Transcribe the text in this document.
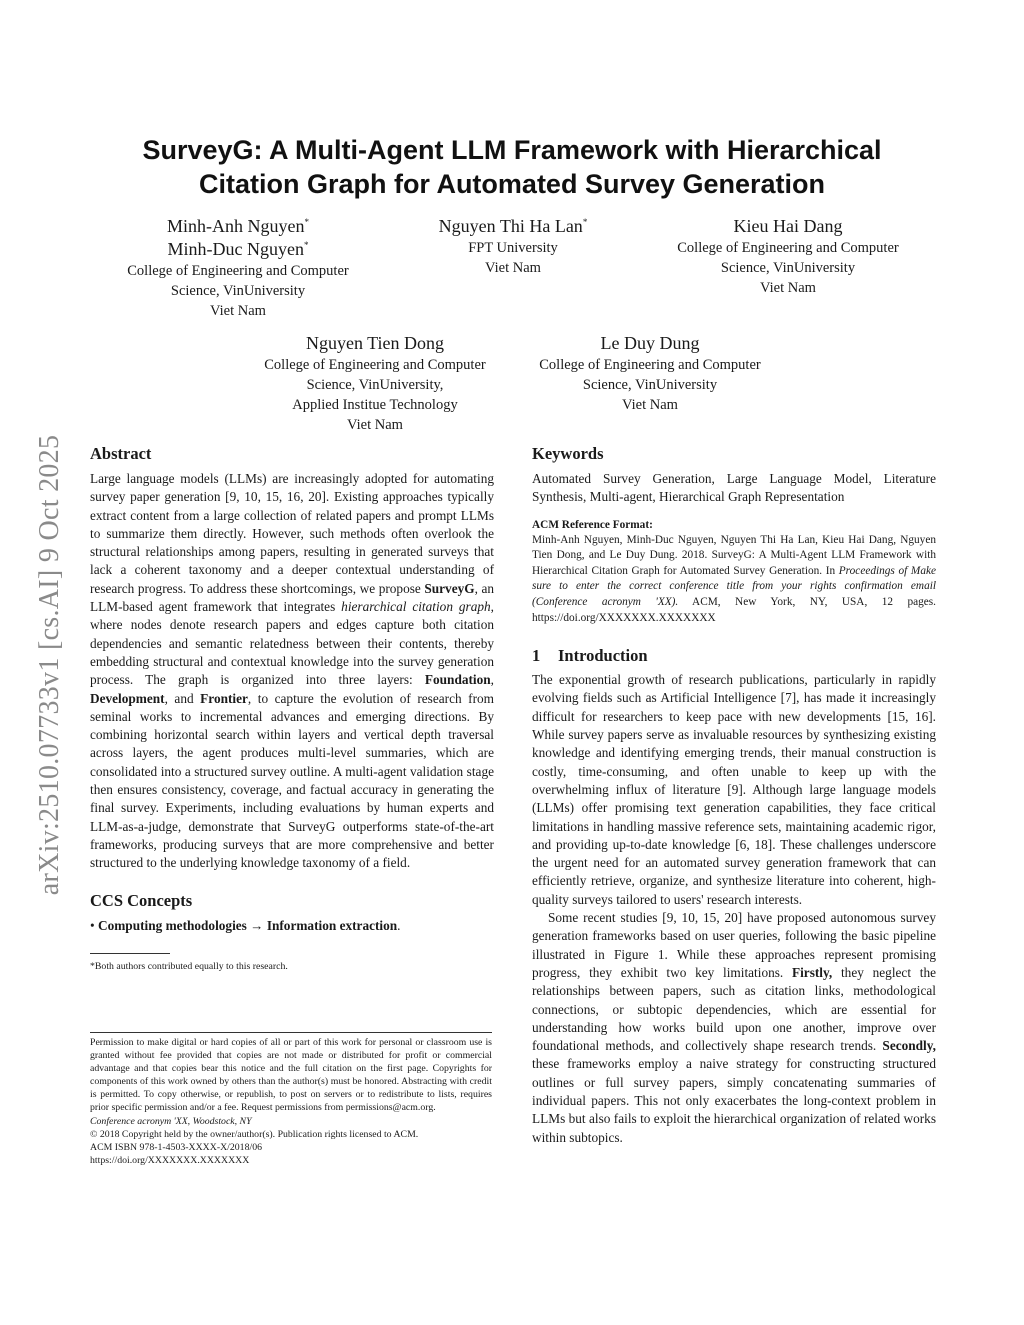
arXiv:2510.07733v1 [cs.AI] 9 Oct 2025
SurveyG: A Multi-Agent LLM Framework with Hierarchical
Citation Graph for Automated Survey Generation
Minh-Anh Nguyen*
Minh-Duc Nguyen*
College of Engineering and Computer
Science, VinUniversity
Viet Nam
Nguyen Thi Ha Lan*
FPT University
Viet Nam
Kieu Hai Dang
College of Engineering and Computer
Science, VinUniversity
Viet Nam
Nguyen Tien Dong
College of Engineering and Computer
Science, VinUniversity,
Applied Institue Technology
Viet Nam
Le Duy Dung
College of Engineering and Computer
Science, VinUniversity
Viet Nam
Abstract

Large language models (LLMs) are increasingly adopted for automating survey paper generation [9, 10, 15, 16, 20]. Existing approaches typically extract content from a large collection of related papers and prompt LLMs to summarize them directly. However, such methods often overlook the structural relationships among papers, resulting in generated surveys that lack a coherent taxonomy and a deeper contextual understanding of research progress. To address these shortcomings, we propose SurveyG, an LLM-based agent framework that integrates hierarchical citation graph, where nodes denote research papers and edges capture both citation dependencies and semantic relatedness between their contents, thereby embedding structural and contextual knowledge into the survey generation process. The graph is organized into three layers: Foundation, Development, and Frontier, to capture the evolution of research from seminal works to incremental advances and emerging directions. By combining horizontal search within layers and vertical depth traversal across layers, the agent produces multi-level summaries, which are consolidated into a structured survey outline. A multi-agent validation stage then ensures consistency, coverage, and factual accuracy in generating the final survey. Experiments, including evaluations by human experts and LLM-as-a-judge, demonstrate that SurveyG outperforms state-of-the-art frameworks, producing surveys that are more comprehensive and better structured to the underlying knowledge taxonomy of a field.

CCS Concepts
• Computing methodologies → Information extraction.
*Both authors contributed equally to this research.
Permission to make digital or hard copies of all or part of this work for personal or classroom use is granted without fee provided that copies are not made or distributed for profit or commercial advantage and that copies bear this notice and the full citation on the first page. Copyrights for components of this work owned by others than the author(s) must be honored. Abstracting with credit is permitted. To copy otherwise, or republish, to post on servers or to redistribute to lists, requires prior specific permission and/or a fee. Request permissions from permissions@acm.org.
Conference acronym 'XX, Woodstock, NY
© 2018 Copyright held by the owner/author(s). Publication rights licensed to ACM.
ACM ISBN 978-1-4503-XXXX-X/2018/06
https://doi.org/XXXXXXX.XXXXXXX
Keywords
Automated Survey Generation, Large Language Model, Literature Synthesis, Multi-agent, Hierarchical Graph Representation
ACM Reference Format:
Minh-Anh Nguyen, Minh-Duc Nguyen, Nguyen Thi Ha Lan, Kieu Hai Dang, Nguyen Tien Dong, and Le Duy Dung. 2018. SurveyG: A Multi-Agent LLM Framework with Hierarchical Citation Graph for Automated Survey Generation. In Proceedings of Make sure to enter the correct conference title from your rights confirmation email (Conference acronym 'XX). ACM, New York, NY, USA, 12 pages. https://doi.org/XXXXXXX.XXXXXXX
1 Introduction

The exponential growth of research publications, particularly in rapidly evolving fields such as Artificial Intelligence [7], has made it increasingly difficult for researchers to keep pace with new developments [15, 16]. While survey papers serve as invaluable resources by synthesizing existing knowledge and identifying emerging trends, their manual construction is costly, time-consuming, and often unable to keep up with the overwhelming influx of literature [9]. Although large language models (LLMs) offer promising text generation capabilities, they face critical limitations in handling massive reference sets, maintaining academic rigor, and providing up-to-date knowledge [6, 18]. These challenges underscore the urgent need for an automated survey generation framework that can efficiently retrieve, organize, and synthesize literature into coherent, high-quality surveys tailored to users' research interests.

Some recent studies [9, 10, 15, 20] have proposed autonomous survey generation frameworks based on user queries, following the basic pipeline illustrated in Figure 1. While these approaches represent promising progress, they exhibit two key limitations. Firstly, they neglect the relationships between papers, such as citation links, methodological connections, or subtopic dependencies, which are essential for understanding how works build upon one another, improve over foundational methods, and collectively shape research trends. Secondly, these frameworks employ a naive strategy for constructing structured outlines or full survey papers, simply concatenating summaries of individual papers. This not only exacerbates the long-context problem in LLMs but also fails to exploit the hierarchical organization of related works within subtopics.
